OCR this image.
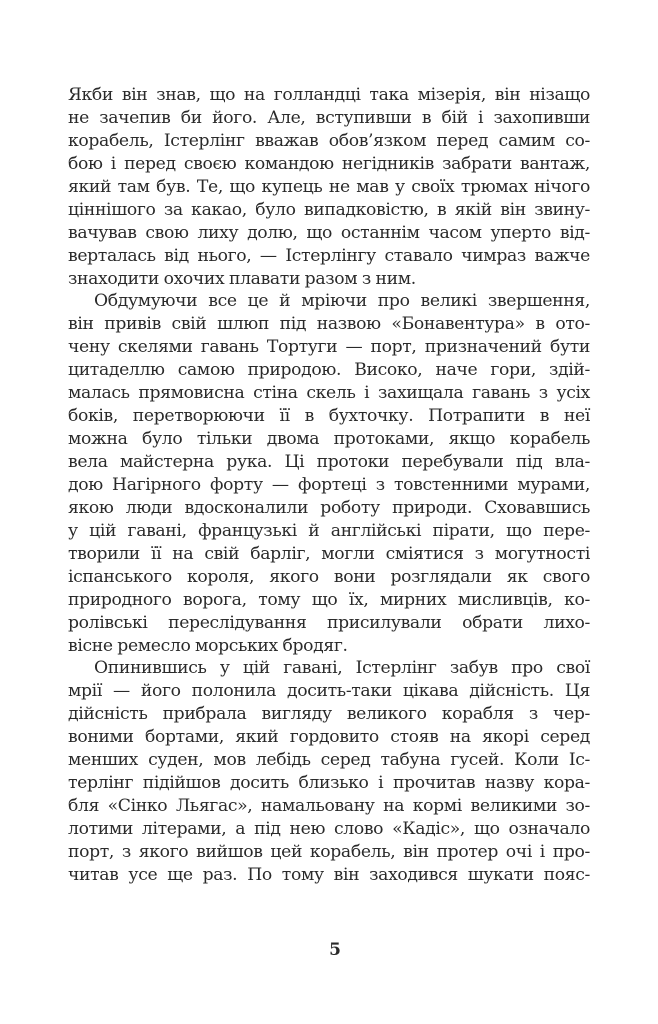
Якби він знав, що на голландці така мізерія, він нізащо
не зачепив би його. Але, вступивши в бій і захопивши
корабель, Істерлінг вважав обов’язком перед самим со-
бою і перед своєю командою негідників забрати вантаж,
який там був. Те, що купець не мав у своїх трюмах нічого
ціннішого за какао, було випадковістю, в якій він звину-
вачував свою лиху долю, що останнім часом уперто від-
верталась від нього, — Істерлінгу ставало чимраз важче
знаходити охочих плавати разом з ним.
Обдумуючи все це й мріючи про великі звершення,
він привів свій шлюп під назвою «Бонавентура» в ото-
чену скелями гавань Тортуги — порт, призначений бути
цитаделлю самою природою. Високо, наче гори, здій-
малась прямовисна стіна скель і захищала гавань з усіх
боків, перетворюючи її в бухточку. Потрапити в неї
можна було тільки двома протоками, якщо корабель
вела майстерна рука. Ці протоки перебували під вла-
дою Нагірного форту — фортеці з товстенними мурами,
якою люди вдосконалили роботу природи. Сховавшись
у цій гавані, французькі й англійські пірати, що пере-
творили її на свій барліг, могли сміятися з могутності
іспанського короля, якого вони розглядали як свого
природного ворога, тому що їх, мирних мисливців, ко-
ролівські переслідування присилували обрати лихо-
вісне ремесло морських бродяг.
Опинившись у цій гавані, Істерлінг забув про свої
мрії — його полонила досить-таки цікава дійсність. Ця
дійсність прибрала вигляду великого корабля з чер-
воними бортами, який гордовито стояв на якорі серед
менших суден, мов лебідь серед табуна гусей. Коли Іс-
терлінг підійшов досить близько і прочитав назву кора-
бля «Сінко Льягас», намальовану на кормі великими зо-
лотими літерами, а під нею слово «Кадіс», що означало
порт, з якого вийшов цей корабель, він протер очі і про-
читав усе ще раз. По тому він заходився шукати пояс-
5
